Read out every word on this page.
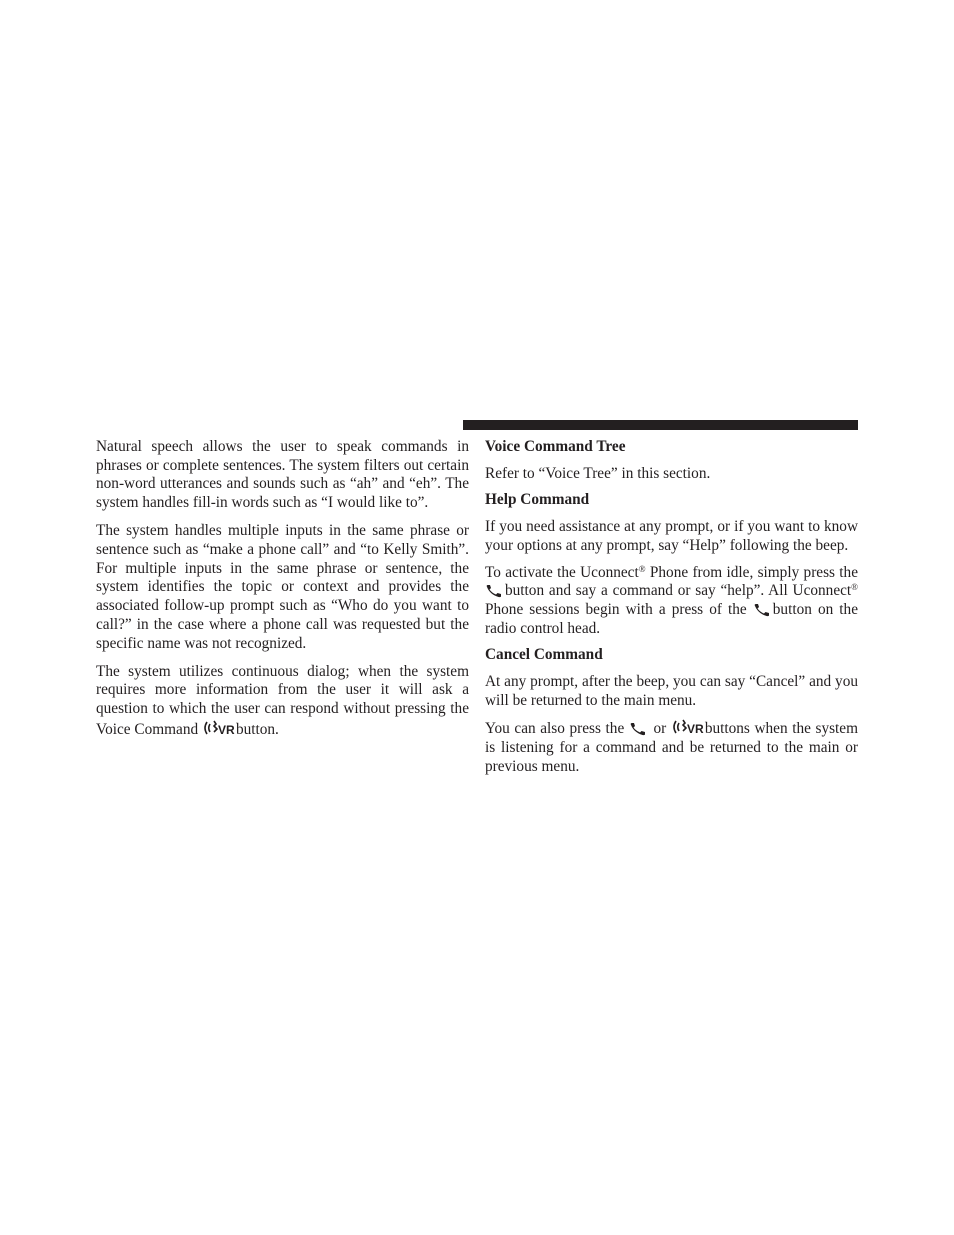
Natural speech allows the user to speak commands in phrases or complete sentences. The system filters out certain non-word utterances and sounds such as “ah” and “eh”. The system handles fill-in words such as “I would like to”.

The system handles multiple inputs in the same phrase or sentence such as “make a phone call” and “to Kelly Smith”. For multiple inputs in the same phrase or sentence, the system identifies the topic or context and provides the associated follow-up prompt such as “Who do you want to call?” in the case where a phone call was requested but the specific name was not recognized.

The system utilizes continuous dialog; when the system requires more information from the user it will ask a question to which the user can respond without pressing the Voice Command VR button.

Voice Command Tree

Refer to “Voice Tree” in this section.

Help Command

If you need assistance at any prompt, or if you want to know your options at any prompt, say “Help” following the beep.

To activate the Uconnect® Phone from idle, simply press the
button and say a command or say “help”. All Uconnect® Phone sessions begin with a press of the
button on the radio control head.

Cancel Command

At any prompt, after the beep, you can say “Cancel” and you will be returned to the main menu.

You can also press the
or VR buttons when the system is listening for a command and be returned to the main or previous menu.
